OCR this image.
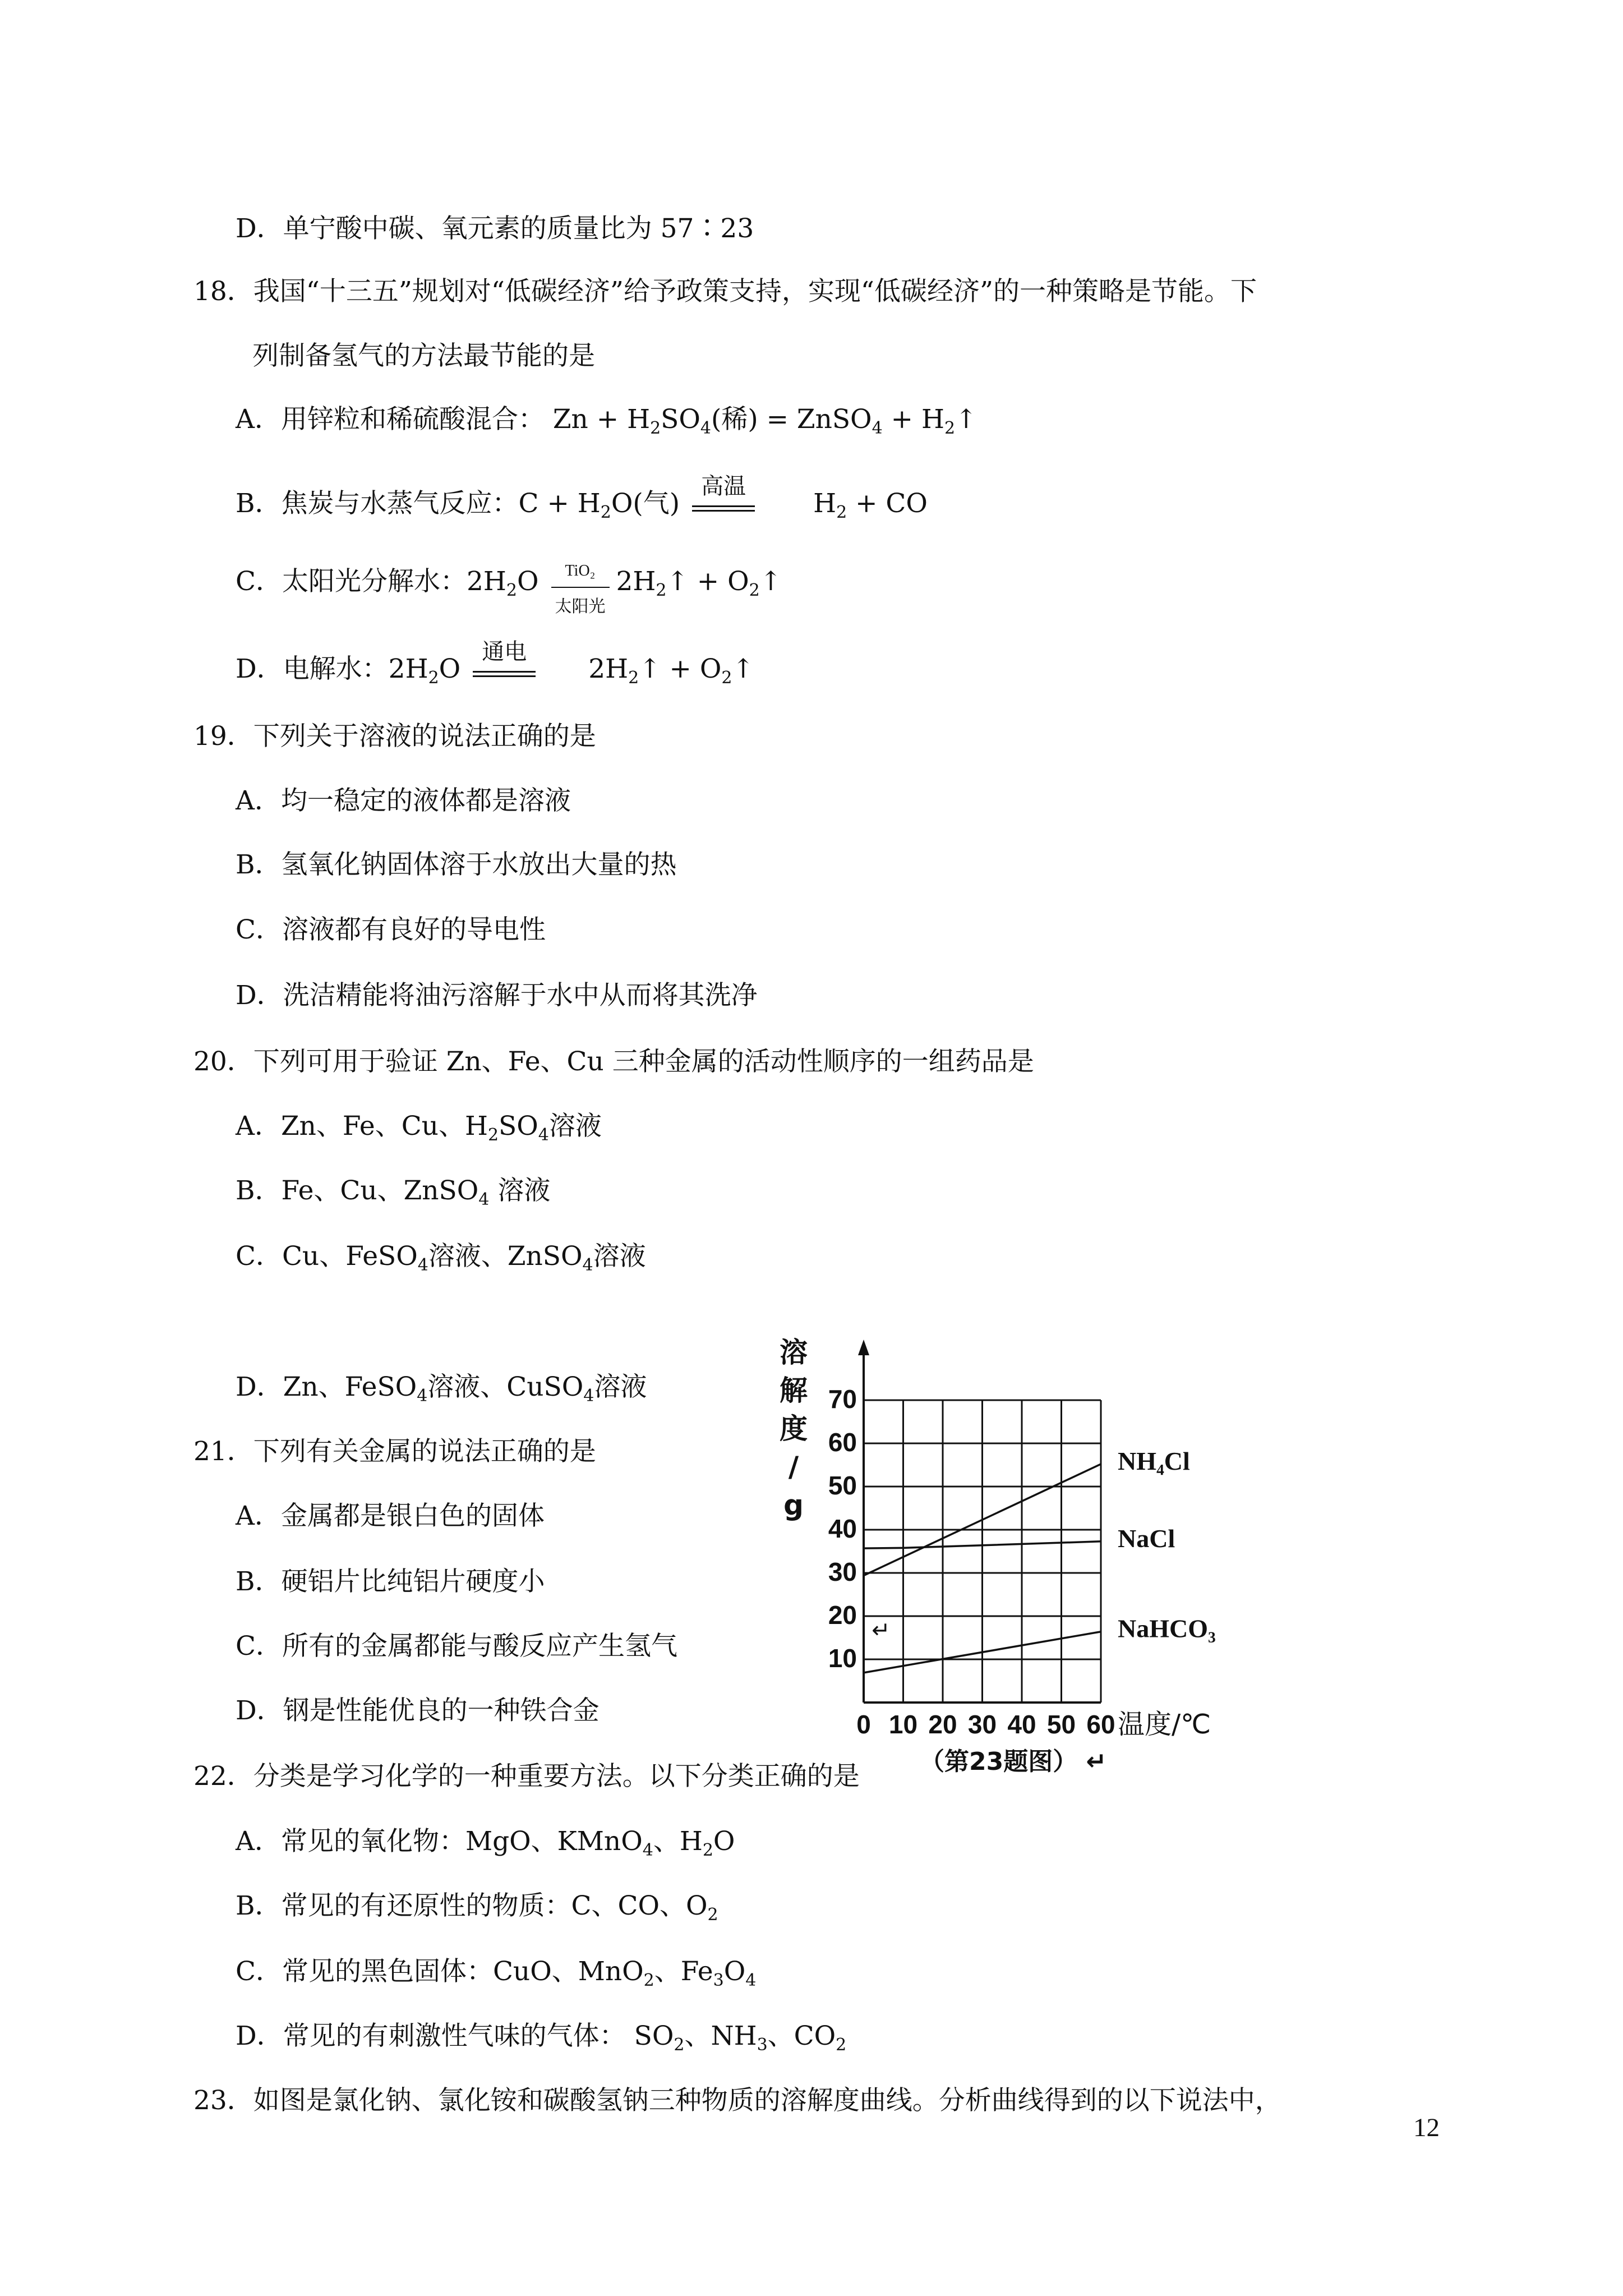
D．单宁酸中碳、氧元素的质量比为 57∶23
18．我国“十三五”规划对“低碳经济”给予政策支持，实现“低碳经济”的一种策略是节能。下
列制备氢气的方法最节能的是
A．用锌粒和稀硫酸混合： $Zn + H_2SO_4$(稀) = ZnSO$_4$ + $H_2↑$
B．焦炭与水蒸气反应：$C + H_2O$(气)
高温
$H_2$ + CO
C．太阳光分解水：$2H_2O \frac{\text{TiO₂}}{\text{太阳光}}$ $2H_2↑$ + $O_2↑$
D．电解水：$2H_2O$
通电
$2H_2↑$ + $O_2↑$
19．下列关于溶液的说法正确的是
A．均一稳定的液体都是溶液
B．氢氧化钠固体溶于水放出大量的热
C．溶液都有良好的导电性
D．洗洁精能将油污溶解于水中从而将其洗净
20．下列可用于验证 Zn、Fe、Cu 三种金属的活动性顺序的一组药品是
A．Zn、Fe、Cu、$H_2SO_4$溶液
B．Fe、Cu、ZnSO$_4$ 溶液
C．Cu、FeSO$_4$溶液、ZnSO$_4$溶液
D．Zn、FeSO$_4$溶液、CuSO$_4$溶液
21．下列有关金属的说法正确的是
A．金属都是银白色的固体
B．硬铝片比纯铝片硬度小
C．所有的金属都能与酸反应产生氢气
D．钢是性能优良的一种铁合金
22．分类是学习化学的一种重要方法。以下分类正确的是
A．常见的氧化物：MgO、KMnO$_4$、$H_2O$
B．常见的有还原性的物质：C、CO、$O_2$
C．常见的黑色固体：CuO、MnO$_2$、$Fe_3O_4$
D．常见的有刺激性气味的气体： $SO_2$、$NH_3$、$CO_2$
23．如图是氯化钠、氯化铵和碳酸氢钠三种物质的溶解度曲线。分析曲线得到的以下说法中，
12
10
20
30
40
50
60
70
0 10 20 30 40 50 60 温度/℃
溶
解
度
/
g
NH₄Cl
NaCl
NaHCO₃
↵
（第23题图） ↵
